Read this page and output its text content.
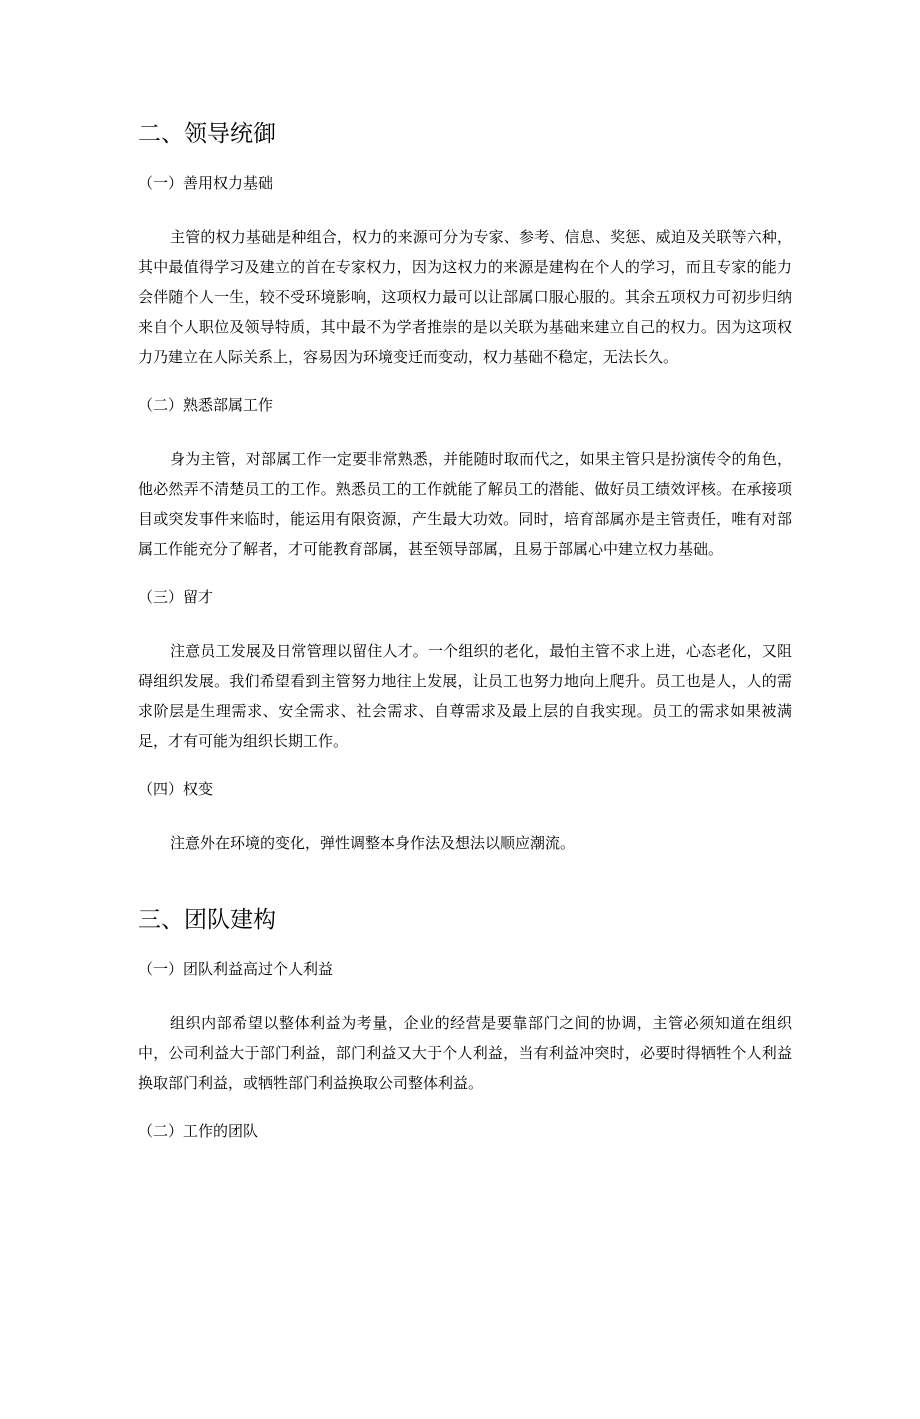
二、领导统御
（一）善用权力基础

主管的权力基础是种组合，权力的来源可分为专家、参考、信息、奖惩、威迫及关联等六种，其中最值得学习及建立的首在专家权力，因为这权力的来源是建构在个人的学习，而且专家的能力会伴随个人一生，较不受环境影响，这项权力最可以让部属口服心服的。其余五项权力可初步归纳来自个人职位及领导特质，其中最不为学者推崇的是以关联为基础来建立自己的权力。因为这项权力乃建立在人际关系上，容易因为环境变迁而变动，权力基础不稳定，无法长久。

（二）熟悉部属工作

身为主管，对部属工作一定要非常熟悉，并能随时取而代之，如果主管只是扮演传令的角色，他必然弄不清楚员工的工作。熟悉员工的工作就能了解员工的潜能、做好员工绩效评核。在承接项目或突发事件来临时，能运用有限资源，产生最大功效。同时，培育部属亦是主管责任，唯有对部属工作能充分了解者，才可能教育部属，甚至领导部属，且易于部属心中建立权力基础。

（三）留才

注意员工发展及日常管理以留住人才。一个组织的老化，最怕主管不求上进，心态老化，又阻碍组织发展。我们希望看到主管努力地往上发展，让员工也努力地向上爬升。员工也是人，人的需求阶层是生理需求、安全需求、社会需求、自尊需求及最上层的自我实现。员工的需求如果被满足，才有可能为组织长期工作。

（四）权变

注意外在环境的变化，弹性调整本身作法及想法以顺应潮流。

三、团队建构
（一）团队利益高过个人利益

组织内部希望以整体利益为考量，企业的经营是要靠部门之间的协调，主管必须知道在组织中，公司利益大于部门利益，部门利益又大于个人利益，当有利益冲突时，必要时得牺牲个人利益换取部门利益，或牺牲部门利益换取公司整体利益。

（二）工作的团队
